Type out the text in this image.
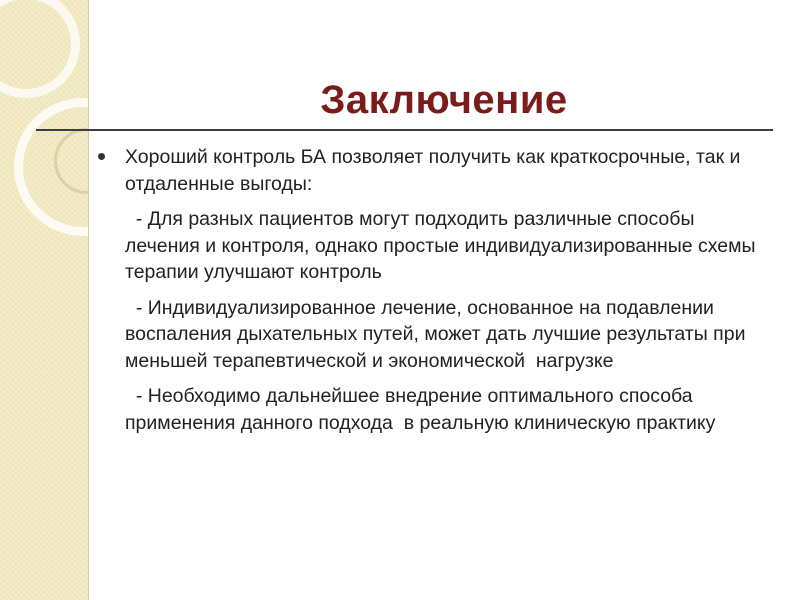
Заключение
Хороший контроль БА позволяет получить как краткосрочные, так и отдаленные выгоды:
- Для разных пациентов могут подходить различные способы лечения и контроля, однако простые индивидуализированные схемы терапии улучшают контроль
- Индивидуализированное лечение, основанное на подавлении воспаления дыхательных путей, может дать лучшие результаты при меньшей терапевтической и экономической  нагрузке
- Необходимо дальнейшее внедрение оптимального способа применения данного подхода  в реальную клиническую практику
